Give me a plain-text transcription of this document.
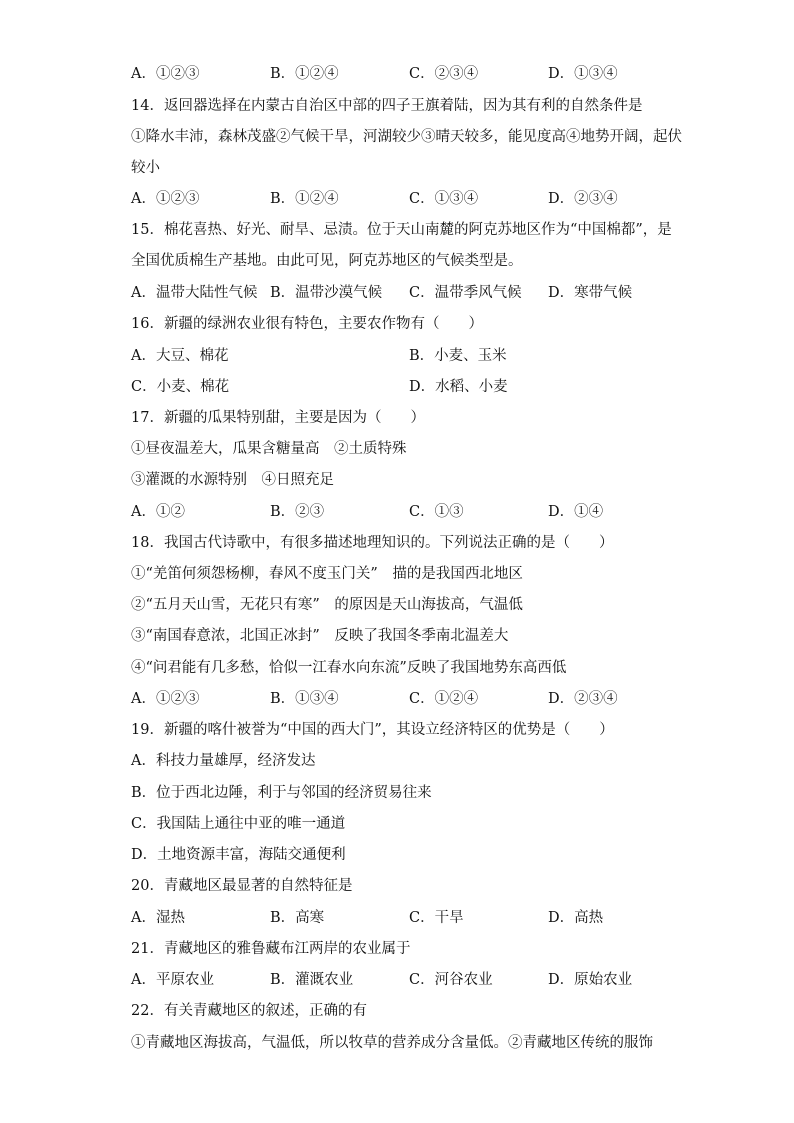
A．①②③	B．①②④	C．②③④	D．①③④
14．返回器选择在内蒙古自治区中部的四子王旗着陆，因为其有利的自然条件是
①降水丰沛，森林茂盛②气候干旱，河湖较少③晴天较多，能见度高④地势开阔，起伏
较小
A．①②③	B．①②④	C．①③④	D．②③④
15．棉花喜热、好光、耐旱、忌渍。位于天山南麓的阿克苏地区作为“中国棉都”，是
全国优质棉生产基地。由此可见，阿克苏地区的气候类型是。
A．温带大陆性气候 B．温带沙漠气候 C．温带季风气候 D．寒带气候
16．新疆的绿洲农业很有特色，主要农作物有（　　）
A．大豆、棉花	B．小麦、玉米
C．小麦、棉花	D．水稻、小麦
17．新疆的瓜果特别甜，主要是因为（　　）
①昼夜温差大，瓜果含糖量高　②土质特殊
③灌溉的水源特别　④日照充足
A．①②	B．②③	C．①③	D．①④
18．我国古代诗歌中，有很多描述地理知识的。下列说法正确的是（　　）
①“羌笛何须怨杨柳，春风不度玉门关”　描的是我国西北地区
②“五月天山雪，无花只有寒”　的原因是天山海拔高，气温低
③“南国春意浓，北国正冰封”　反映了我国冬季南北温差大
④“问君能有几多愁，恰似一江春水向东流”反映了我国地势东高西低
A．①②③	B．①③④	C．①②④	D．②③④
19．新疆的喀什被誉为“中国的西大门”，其设立经济特区的优势是（　　）
A．科技力量雄厚，经济发达
B．位于西北边陲，利于与邻国的经济贸易往来
C．我国陆上通往中亚的唯一通道
D．土地资源丰富，海陆交通便利
20．青藏地区最显著的自然特征是
A．湿热	B．高寒	C．干旱	D．高热
21．青藏地区的雅鲁藏布江两岸的农业属于
A．平原农业	B．灌溉农业	C．河谷农业	D．原始农业
22．有关青藏地区的叙述，正确的有
①青藏地区海拔高，气温低，所以牧草的营养成分含量低。②青藏地区传统的服饰
